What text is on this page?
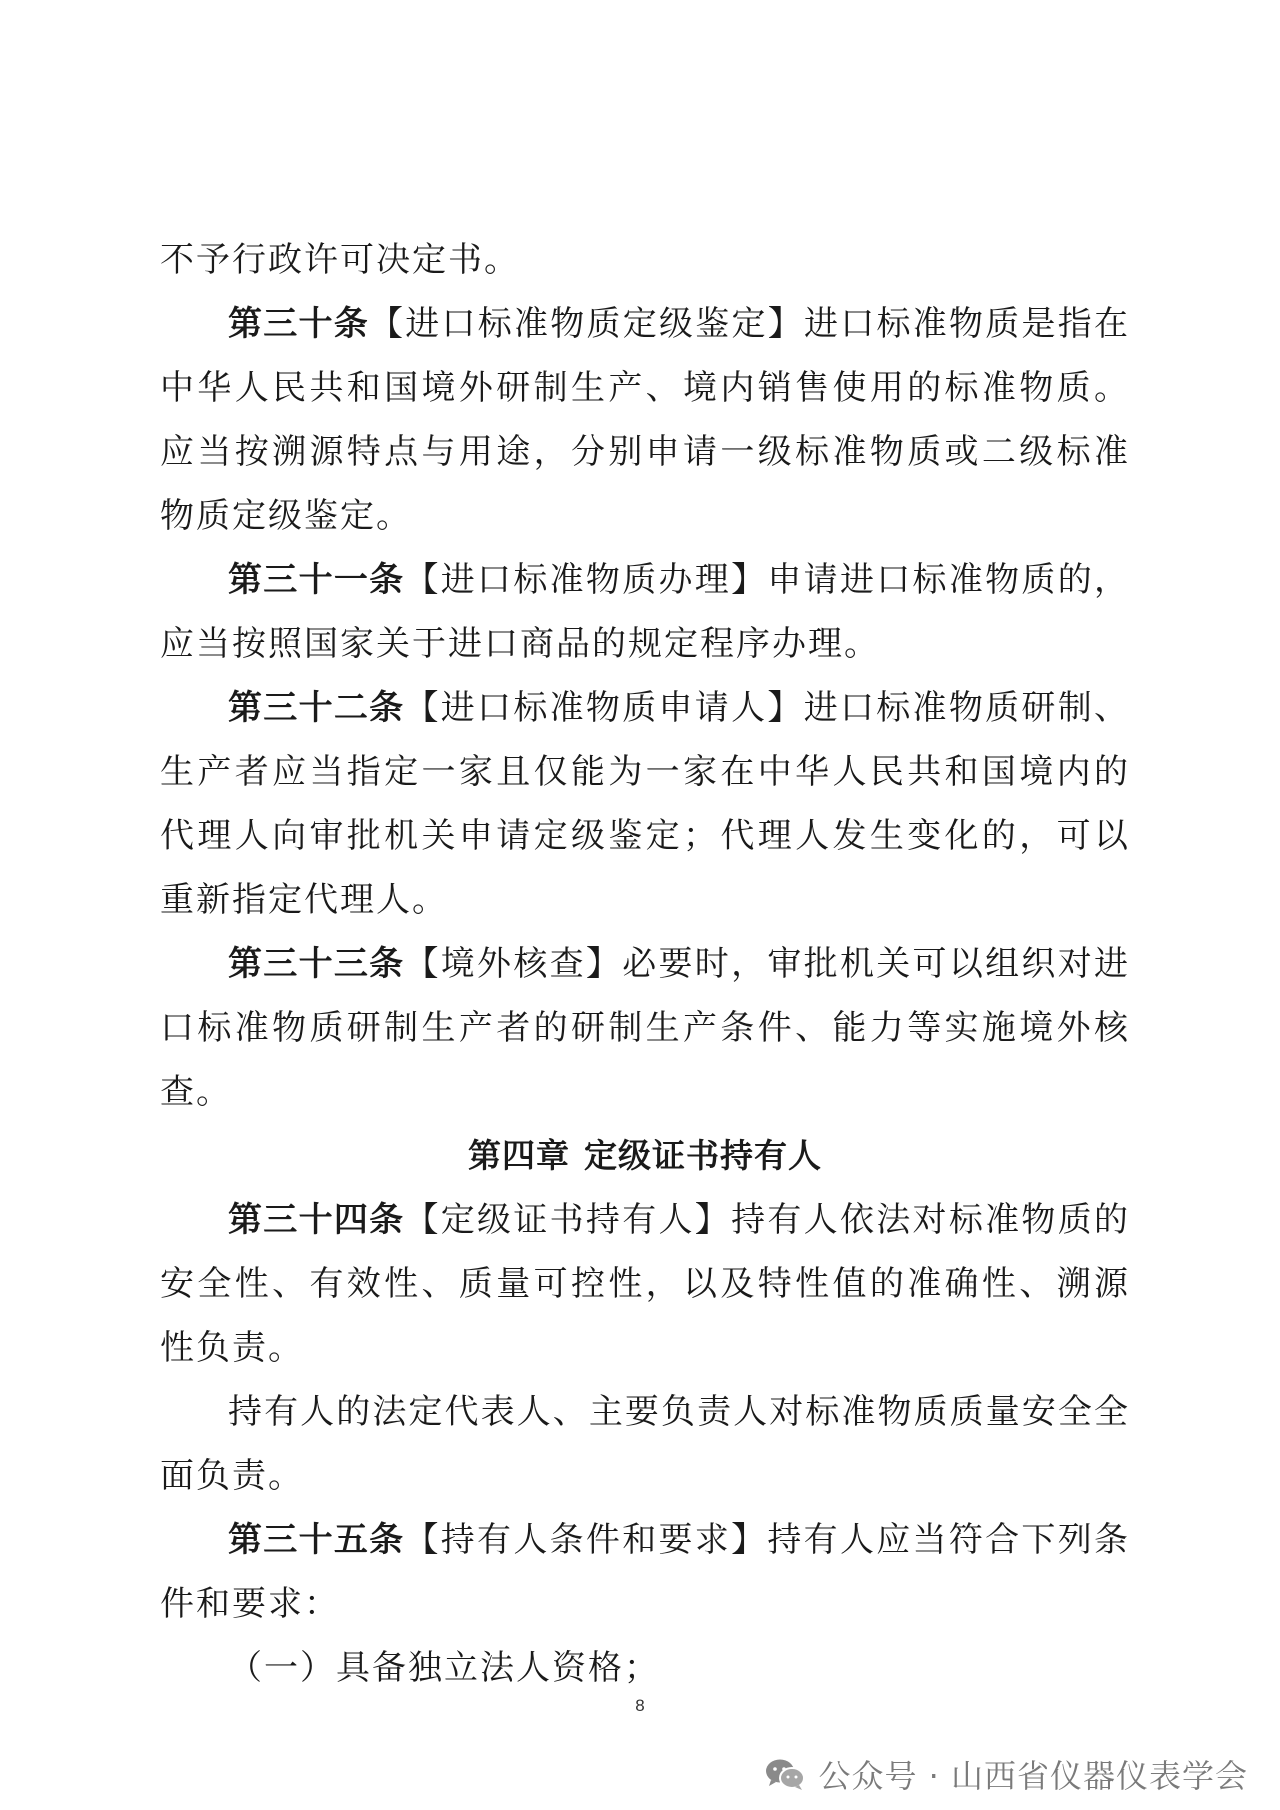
不予行政许可决定书。

第三十条【进口标准物质定级鉴定】进口标准物质是指在中华人民共和国境外研制生产、境内销售使用的标准物质。应当按溯源特点与用途，分别申请一级标准物质或二级标准物质定级鉴定。

第三十一条【进口标准物质办理】申请进口标准物质的，应当按照国家关于进口商品的规定程序办理。

第三十二条【进口标准物质申请人】进口标准物质研制、生产者应当指定一家且仅能为一家在中华人民共和国境内的代理人向审批机关申请定级鉴定；代理人发生变化的，可以重新指定代理人。

第三十三条【境外核查】必要时，审批机关可以组织对进口标准物质研制生产者的研制生产条件、能力等实施境外核查。

第四章 定级证书持有人

第三十四条【定级证书持有人】持有人依法对标准物质的安全性、有效性、质量可控性，以及特性值的准确性、溯源性负责。

持有人的法定代表人、主要负责人对标准物质质量安全全面负责。

第三十五条【持有人条件和要求】持有人应当符合下列条件和要求：

（一）具备独立法人资格；

8
公众号 · 山西省仪器仪表学会
